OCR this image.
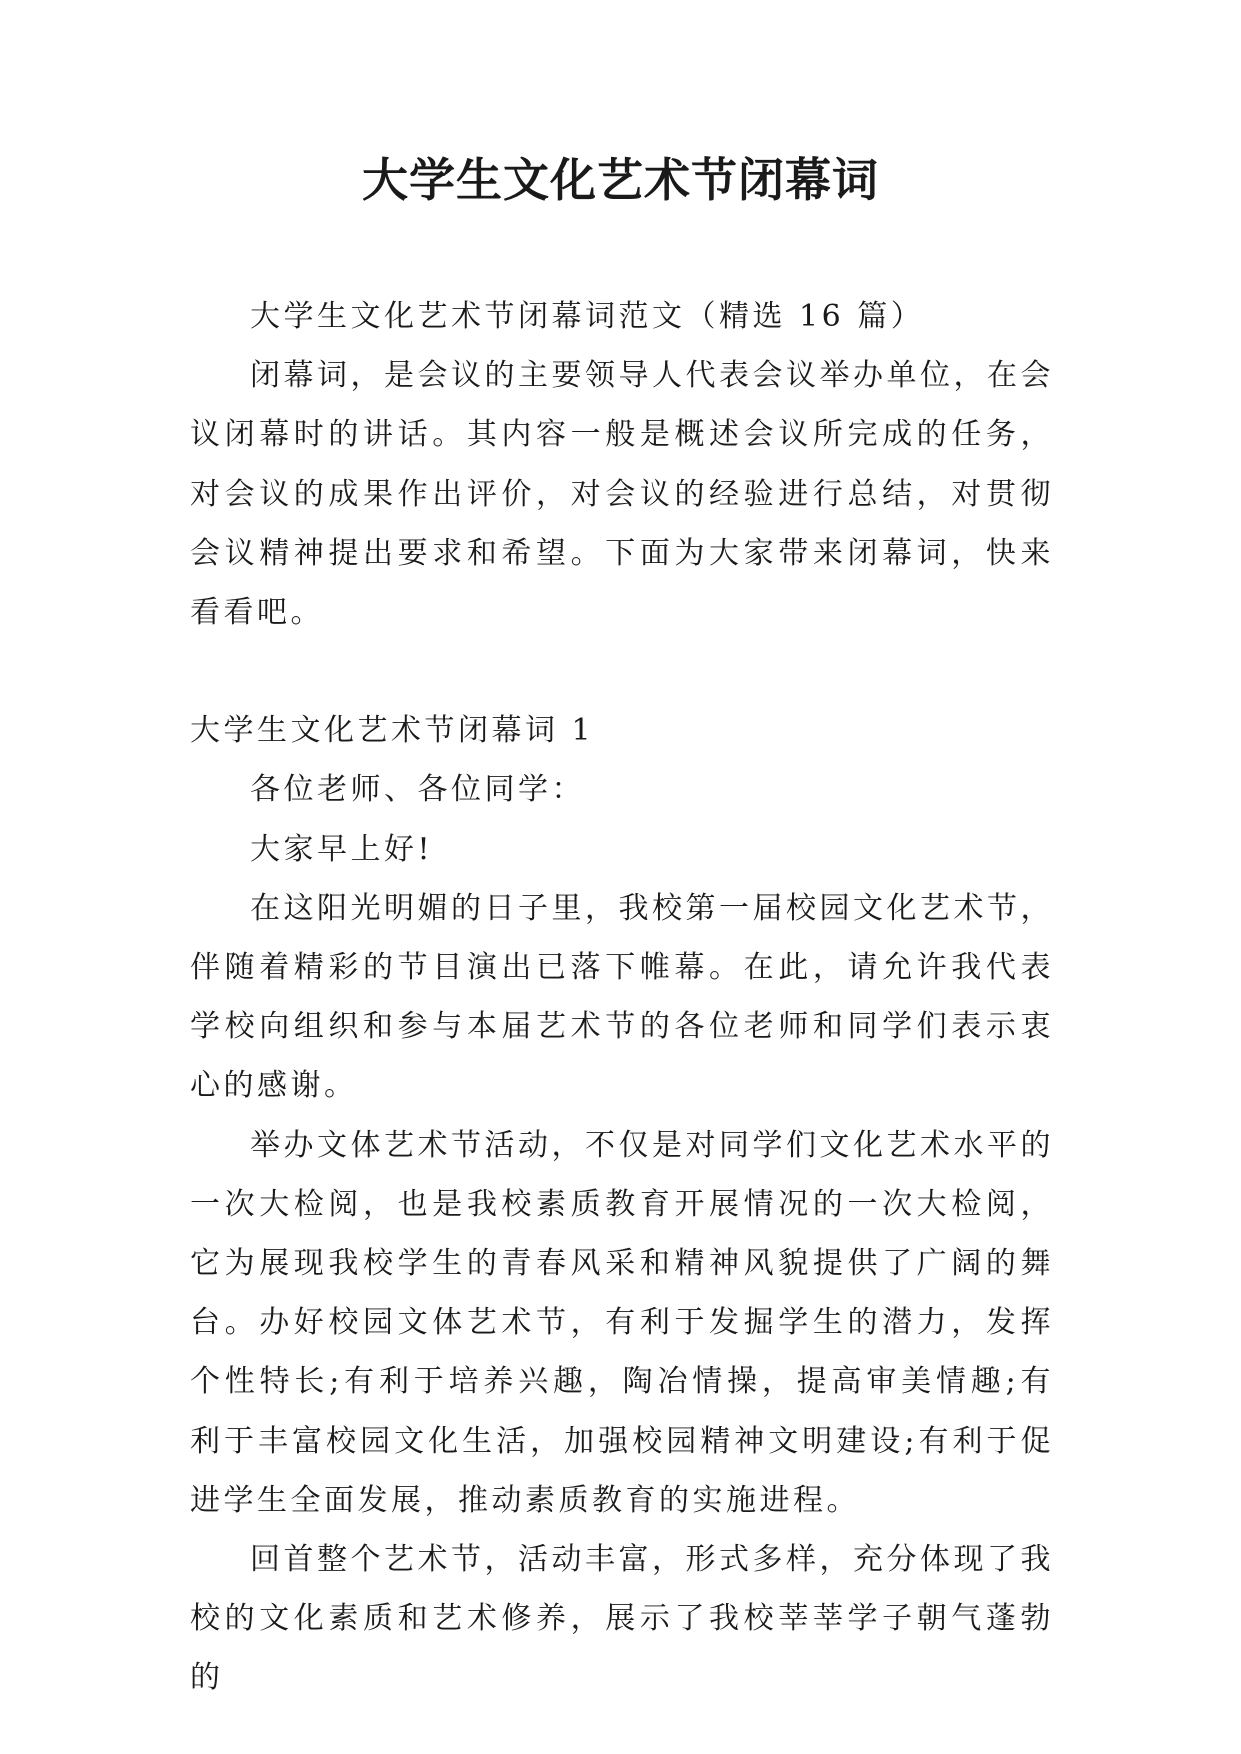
大学生文化艺术节闭幕词

大学生文化艺术节闭幕词范文（精选 16 篇）

闭幕词，是会议的主要领导人代表会议举办单位，在会议闭幕时的讲话。其内容一般是概述会议所完成的任务，对会议的成果作出评价，对会议的经验进行总结，对贯彻会议精神提出要求和希望。下面为大家带来闭幕词，快来看看吧。

大学生文化艺术节闭幕词 1

各位老师、各位同学：

大家早上好!

在这阳光明媚的日子里，我校第一届校园文化艺术节，伴随着精彩的节目演出已落下帷幕。在此，请允许我代表学校向组织和参与本届艺术节的各位老师和同学们表示衷心的感谢。

举办文体艺术节活动，不仅是对同学们文化艺术水平的一次大检阅，也是我校素质教育开展情况的一次大检阅，它为展现我校学生的青春风采和精神风貌提供了广阔的舞台。办好校园文体艺术节，有利于发掘学生的潜力，发挥个性特长;有利于培养兴趣，陶冶情操，提高审美情趣;有利于丰富校园文化生活，加强校园精神文明建设;有利于促进学生全面发展，推动素质教育的实施进程。

回首整个艺术节，活动丰富，形式多样，充分体现了我校的文化素质和艺术修养，展示了我校莘莘学子朝气蓬勃的
